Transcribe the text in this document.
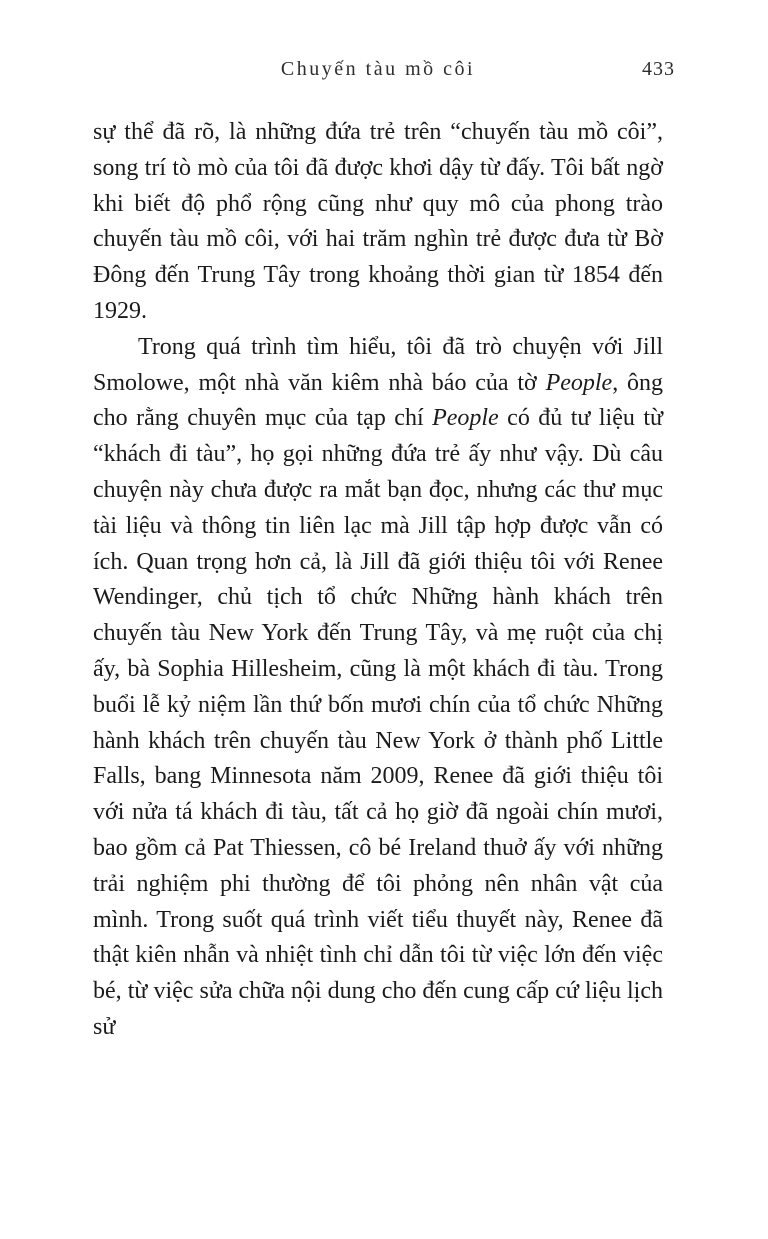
Chuyến tàu mồ côi	433

sự thể đã rõ, là những đứa trẻ trên “chuyến tàu mồ côi”, song trí tò mò của tôi đã được khơi dậy từ đấy. Tôi bất ngờ khi biết độ phổ rộng cũng như quy mô của phong trào chuyến tàu mồ côi, với hai trăm nghìn trẻ được đưa từ Bờ Đông đến Trung Tây trong khoảng thời gian từ 1854 đến 1929.

Trong quá trình tìm hiểu, tôi đã trò chuyện với Jill Smolowe, một nhà văn kiêm nhà báo của tờ People, ông cho rằng chuyên mục của tạp chí People có đủ tư liệu từ “khách đi tàu”, họ gọi những đứa trẻ ấy như vậy. Dù câu chuyện này chưa được ra mắt bạn đọc, nhưng các thư mục tài liệu và thông tin liên lạc mà Jill tập hợp được vẫn có ích. Quan trọng hơn cả, là Jill đã giới thiệu tôi với Renee Wendinger, chủ tịch tổ chức Những hành khách trên chuyến tàu New York đến Trung Tây, và mẹ ruột của chị ấy, bà Sophia Hillesheim, cũng là một khách đi tàu. Trong buổi lễ kỷ niệm lần thứ bốn mươi chín của tổ chức Những hành khách trên chuyến tàu New York ở thành phố Little Falls, bang Minnesota năm 2009, Renee đã giới thiệu tôi với nửa tá khách đi tàu, tất cả họ giờ đã ngoài chín mươi, bao gồm cả Pat Thiessen, cô bé Ireland thuở ấy với những trải nghiệm phi thường để tôi phỏng nên nhân vật của mình. Trong suốt quá trình viết tiểu thuyết này, Renee đã thật kiên nhẫn và nhiệt tình chỉ dẫn tôi từ việc lớn đến việc bé, từ việc sửa chữa nội dung cho đến cung cấp cứ liệu lịch sử
